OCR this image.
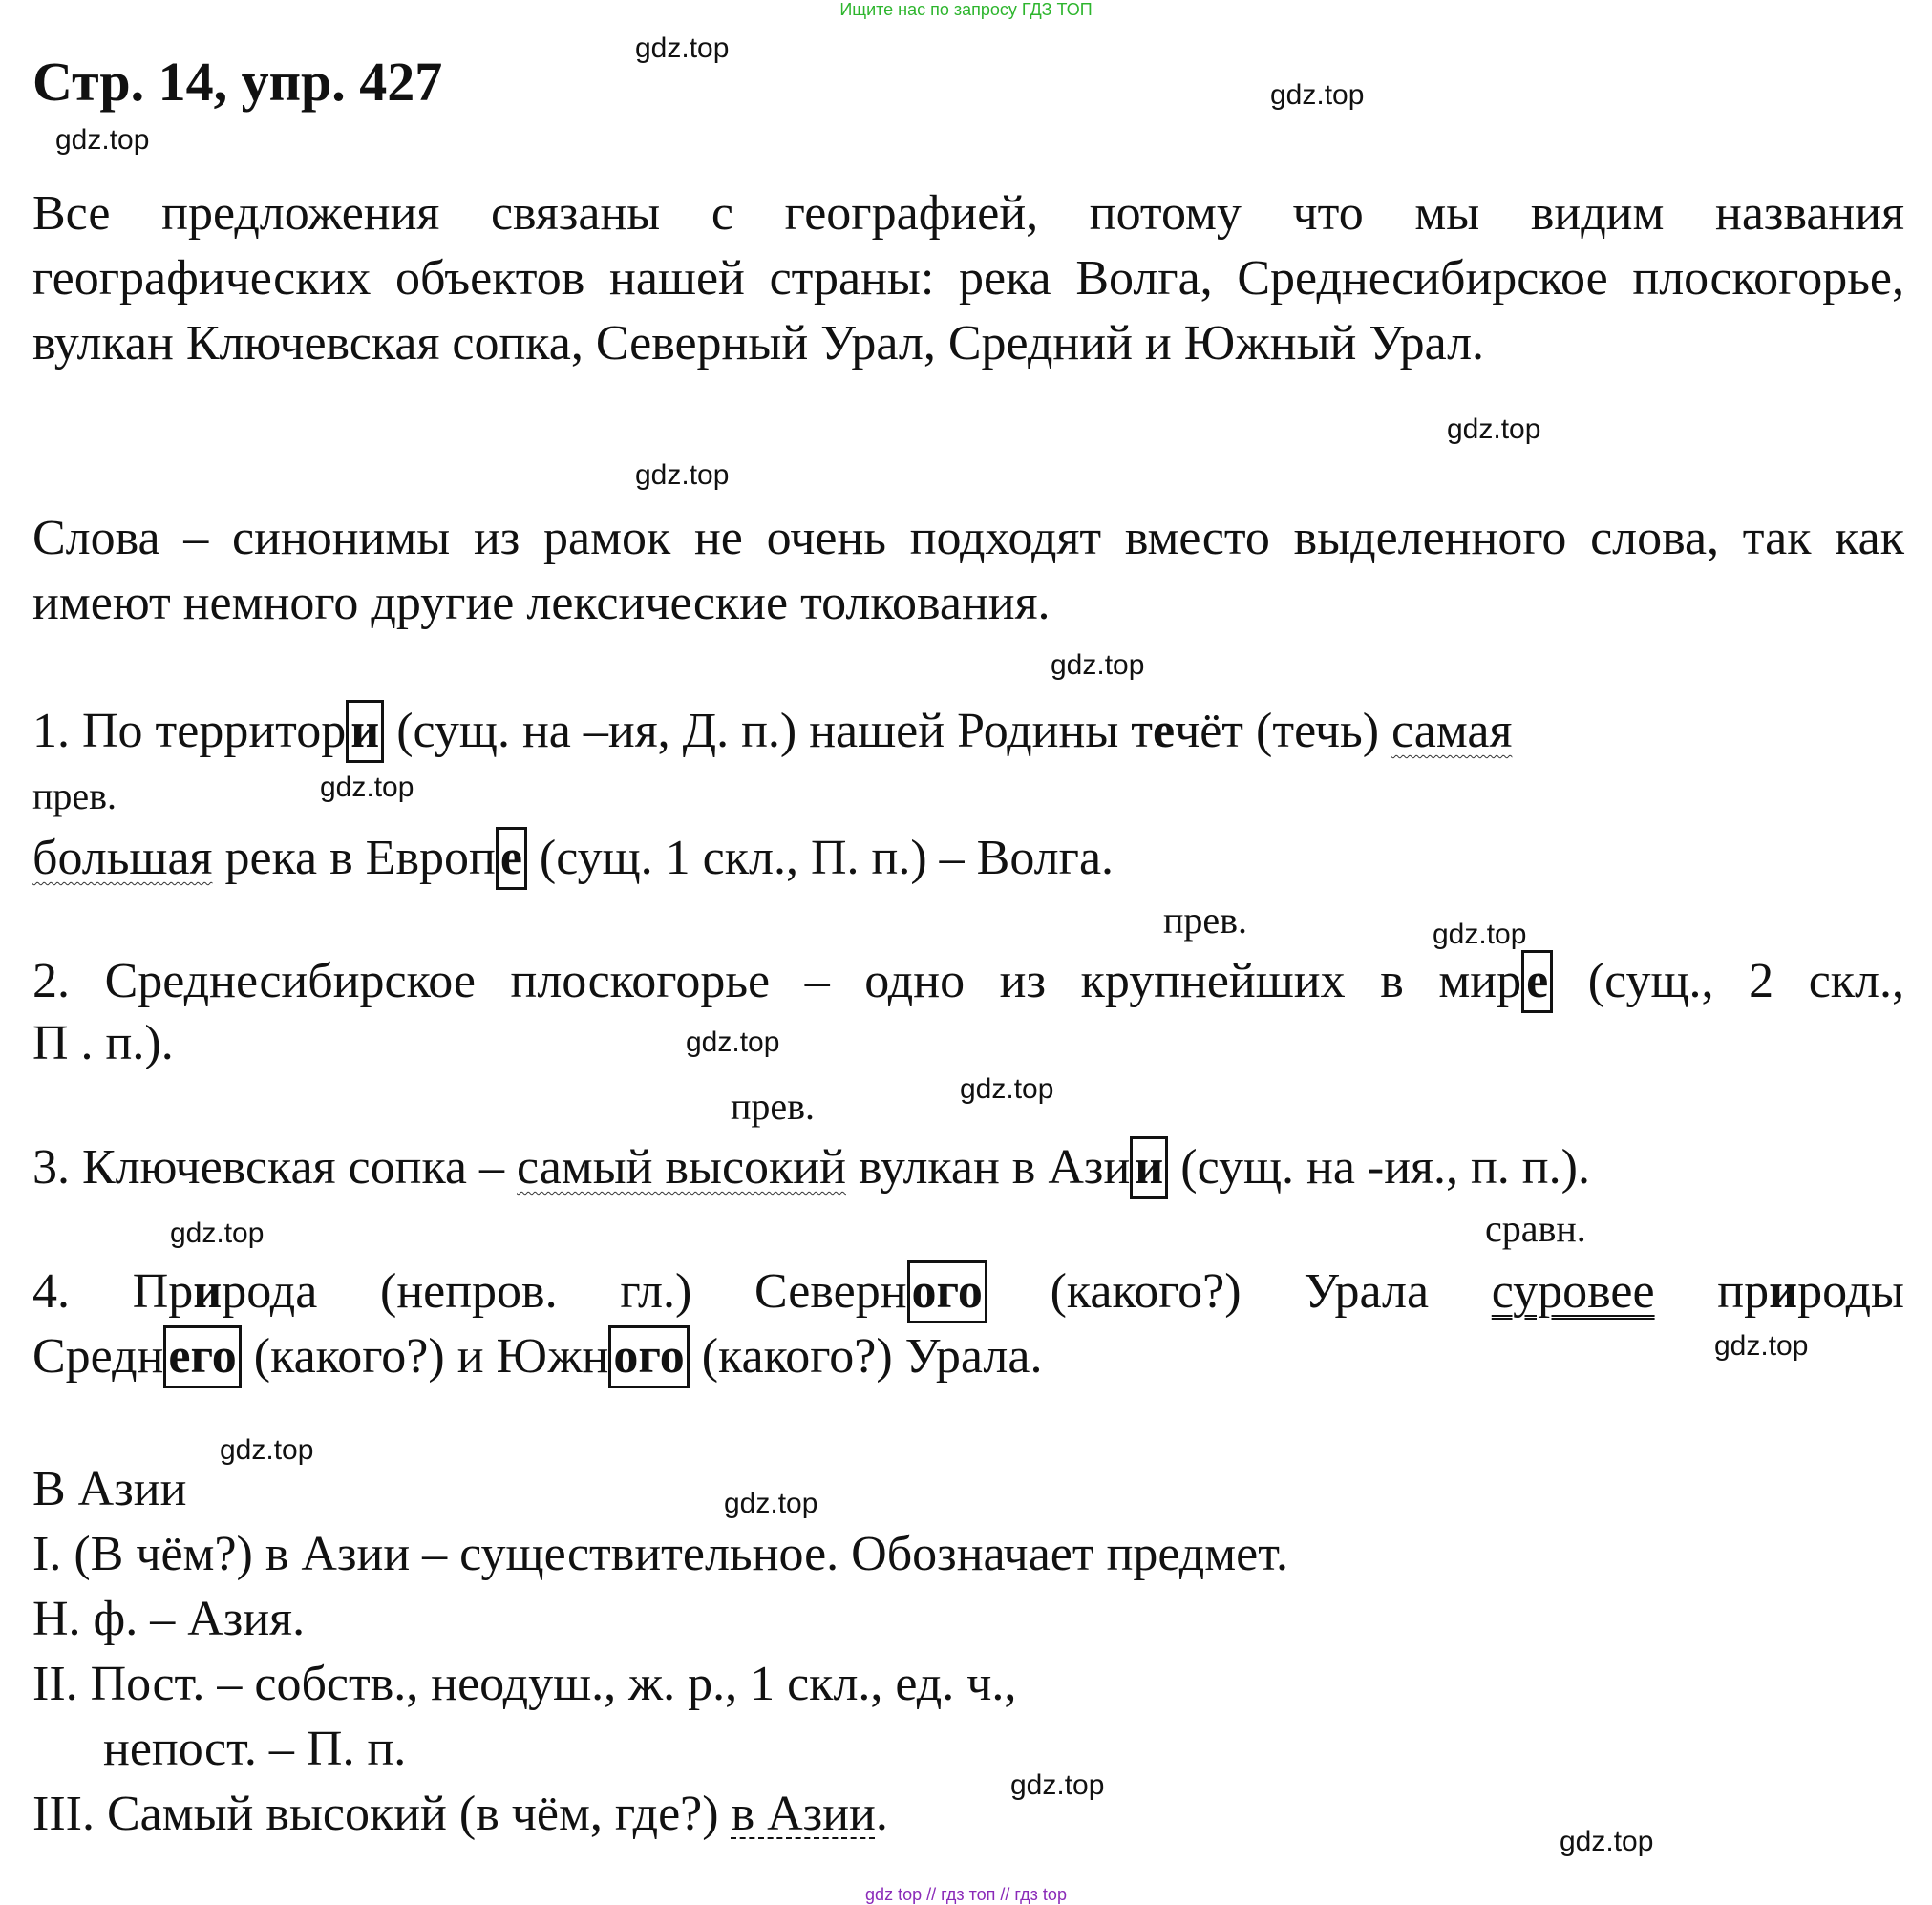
Ищите нас по запросу ГДЗ ТОП
Стр. 14, упр. 427
gdz.top
gdz.top
gdz.top
gdz.top
gdz.top
gdz.top
gdz.top
gdz.top
gdz.top
gdz.top
gdz.top
gdz.top
gdz.top
gdz.top
gdz.top
gdz.top
Все предложения связаны с географией, потому что мы видим названия географических объектов нашей страны: река Волга, Среднесибирское плоскогорье, вулкан Ключевская сопка, Северный Урал, Средний и Южный Урал.
Слова – синонимы из рамок не очень подходят вместо выделенного слова, так как имеют немного другие лексические толкования.
1. По территори (сущ. на –ия, Д. п.) нашей Родины течёт (течь) самая
прев.
большая река в Европе (сущ. 1 скл., П. п.) – Волга.
прев.
2. Среднесибирское плоскогорье – одно из крупнейших в мире (сущ., 2 скл.,
П . п.).
прев.
3. Ключевская сопка – самый высокий вулкан в Азии (сущ. на -ия., п. п.).
сравн.
4. Природа (непров. гл.) Северного (какого?) Урала суровее природы
Среднего (какого?) и Южного (какого?) Урала.
В Азии
I. (В чём?) в Азии – существительное. Обозначает предмет.
Н. ф. – Азия.
II. Пост. – собств., неодуш., ж. р., 1 скл., ед. ч.,
непост. – П. п.
III. Самый высокий (в чём, где?) в Азии.
gdz top // гдз топ // гдз top
